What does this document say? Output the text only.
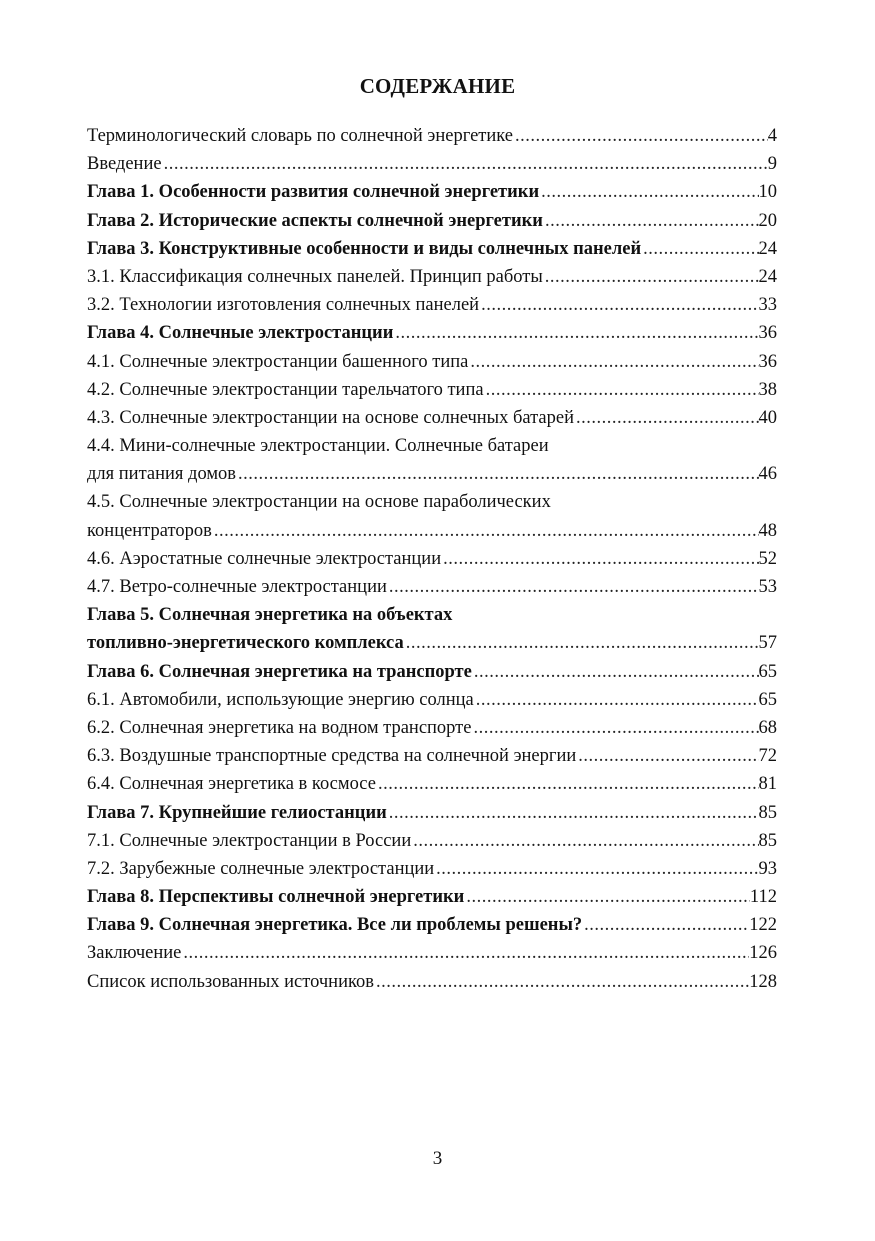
СОДЕРЖАНИЕ
Терминологический словарь по солнечной энергетике .....	4
Введение .....	9
Глава 1. Особенности развития солнечной энергетики .....	10
Глава 2. Исторические аспекты солнечной энергетики .....	20
Глава 3. Конструктивные особенности и виды солнечных панелей .....	24
3.1. Классификация солнечных панелей. Принцип работы .....	24
3.2. Технологии изготовления солнечных панелей .....	33
Глава 4. Солнечные электростанции .....	36
4.1. Солнечные электростанции башенного типа .....	36
4.2. Солнечные электростанции тарельчатого типа .....	38
4.3. Солнечные электростанции на основе солнечных батарей .....	40
4.4. Мини-солнечные электростанции. Солнечные батареи
для питания домов .....	46
4.5. Солнечные электростанции на основе параболических
концентраторов .....	48
4.6. Аэростатные солнечные электростанции .....	52
4.7. Ветро-солнечные электростанции .....	53
Глава 5. Солнечная энергетика на объектах
топливно-энергетического комплекса .....	57
Глава 6. Солнечная энергетика на транспорте .....	65
6.1. Автомобили, использующие энергию солнца .....	65
6.2. Солнечная энергетика на водном транспорте .....	68
6.3. Воздушные транспортные средства на солнечной энергии .....	72
6.4. Солнечная энергетика в космосе .....	81
Глава 7. Крупнейшие гелиостанции .....	85
7.1. Солнечные электростанции в России .....	85
7.2. Зарубежные солнечные электростанции .....	93
Глава 8. Перспективы солнечной энергетики .....	112
Глава 9. Солнечная энергетика. Все ли проблемы решены? .....	122
Заключение .....	126
Список использованных источников .....	128
3
